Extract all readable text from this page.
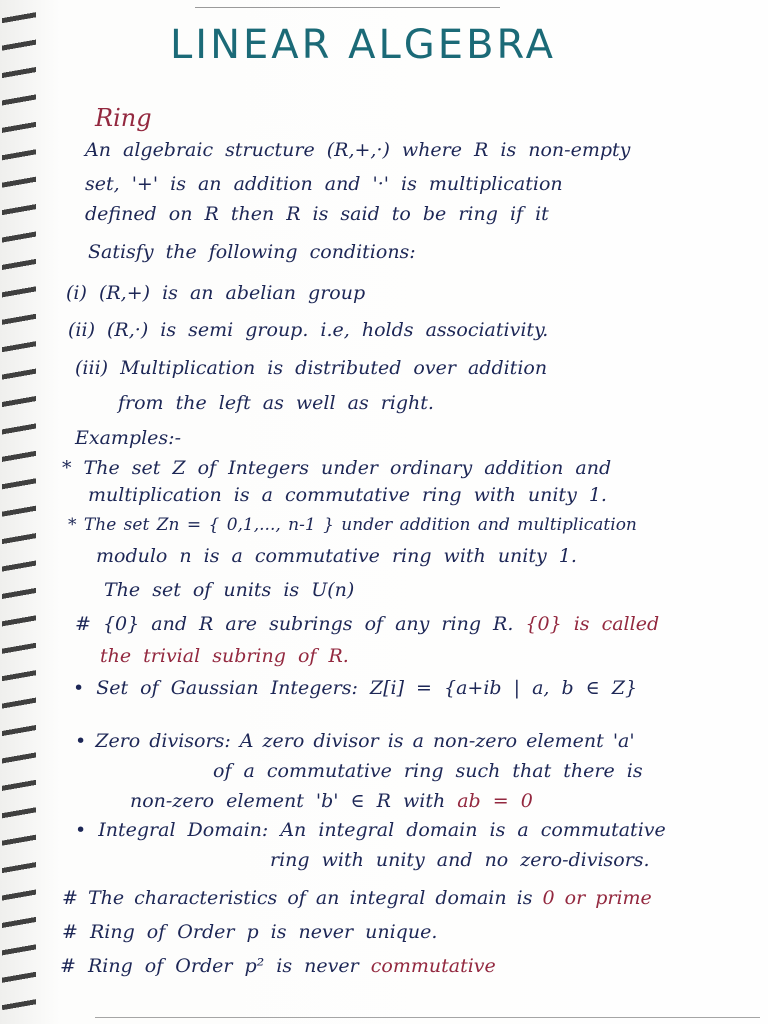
LINEAR ALGEBRA
Ring
An algebraic structure (R,+,·) where R is non-empty
set, '+' is an addition and '·' is multiplication
defined on R then R is said to be ring if it
Satisfy the following conditions:
(i) (R,+) is an abelian group
(ii) (R,·) is semi group. i.e, holds associativity.
(iii) Multiplication is distributed over addition
from the left as well as right.
Examples:-
* The set Z of Integers under ordinary addition and
multiplication is a commutative ring with unity 1.
* The set Zn = { 0,1,..., n-1 } under addition and multiplication
modulo n is a commutative ring with unity 1.
The set of units is U(n)
# {0} and R are subrings of any ring R. {0} is called
the trivial subring of R.
• Set of Gaussian Integers: Z[i] = {a+ib | a, b ∈ Z}
• Zero divisors: A zero divisor is a non-zero element 'a'
of a commutative ring such that there is
non-zero element 'b' ∈ R with ab = 0
• Integral Domain: An integral domain is a commutative
ring with unity and no zero-divisors.
# The characteristics of an integral domain is 0 or prime
# Ring of Order p is never unique.
# Ring of Order p² is never commutative
